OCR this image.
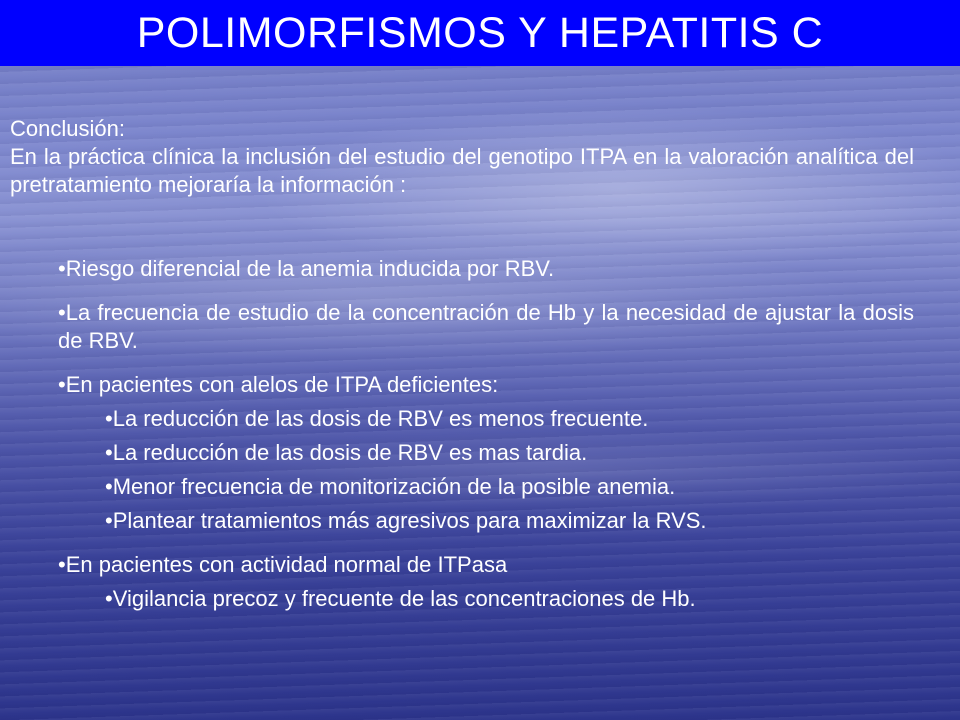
POLIMORFISMOS Y HEPATITIS C
Conclusión:
En la práctica clínica la inclusión del estudio del genotipo ITPA en la valoración analítica del pretratamiento mejoraría la información :
•Riesgo diferencial de la anemia inducida por RBV.
•La frecuencia de estudio de la concentración de Hb y la necesidad de ajustar la dosis de RBV.
•En pacientes con alelos de ITPA deficientes:
•La reducción de las dosis de RBV es menos frecuente.
•La reducción de las dosis de RBV es mas tardia.
•Menor frecuencia de monitorización de la posible anemia.
•Plantear tratamientos más agresivos para maximizar la RVS.
•En pacientes con actividad normal de ITPasa
•Vigilancia precoz y frecuente de las concentraciones de Hb.
